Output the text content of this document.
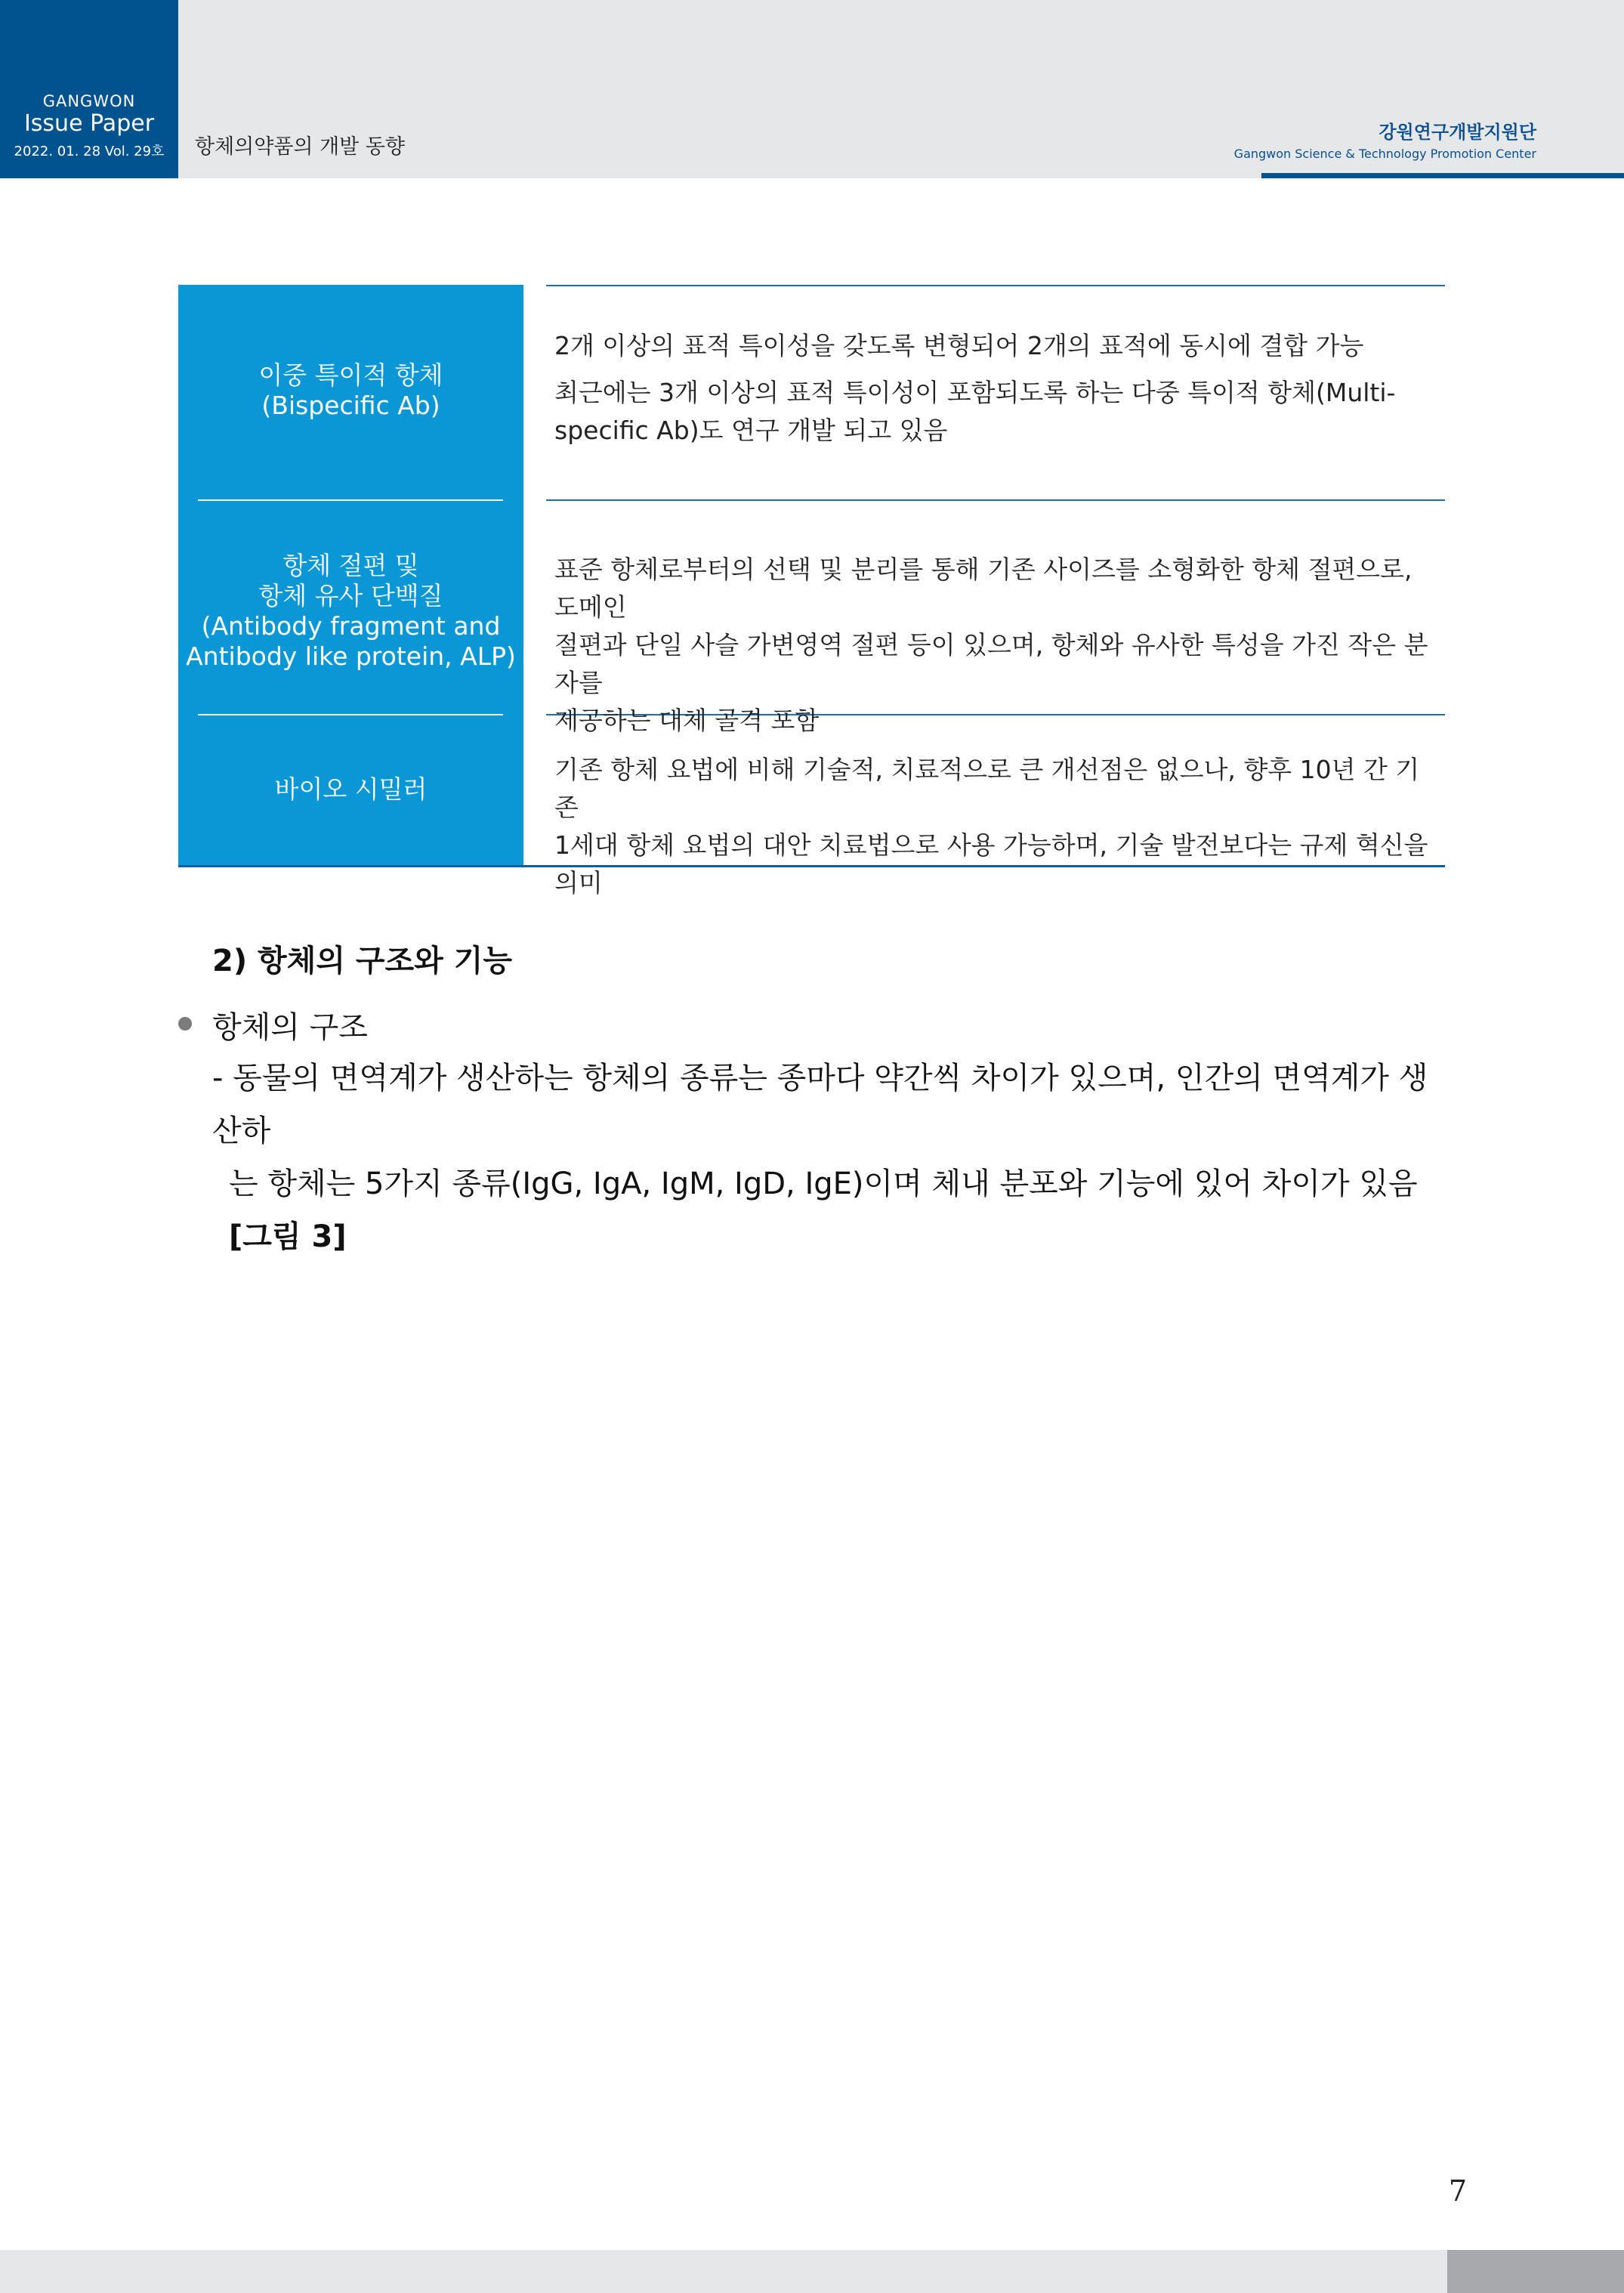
GANGWON
Issue Paper
2022. 01. 28 Vol. 29호	항체의약품의 개발 동향
강원연구개발지원단
Gangwon Science & Technology Promotion Center
이중 특이적 항체
(Bispecific Ab)
2개 이상의 표적 특이성을 갖도록 변형되어 2개의 표적에 동시에 결합 가능
최근에는 3개 이상의 표적 특이성이 포함되도록 하는 다중 특이적 항체(Multi-
specific Ab)도 연구 개발 되고 있음
항체 절편 및
항체 유사 단백질
(Antibody fragment and
Antibody like protein, ALP)
표준 항체로부터의 선택 및 분리를 통해 기존 사이즈를 소형화한 항체 절편으로, 도메인
절편과 단일 사슬 가변영역 절편 등이 있으며, 항체와 유사한 특성을 가진 작은 분자를
제공하는 대체 골격 포함
바이오 시밀러
기존 항체 요법에 비해 기술적, 치료적으로 큰 개선점은 없으나, 향후 10년 간 기존
1세대 항체 요법의 대안 치료법으로 사용 가능하며, 기술 발전보다는 규제 혁신을 의미
2) 항체의 구조와 기능
항체의 구조
- 동물의 면역계가 생산하는 항체의 종류는 종마다 약간씩 차이가 있으며, 인간의 면역계가 생산하
는 항체는 5가지 종류(IgG, IgA, IgM, IgD, IgE)이며 체내 분포와 기능에 있어 차이가 있음 [그림 3]
7
